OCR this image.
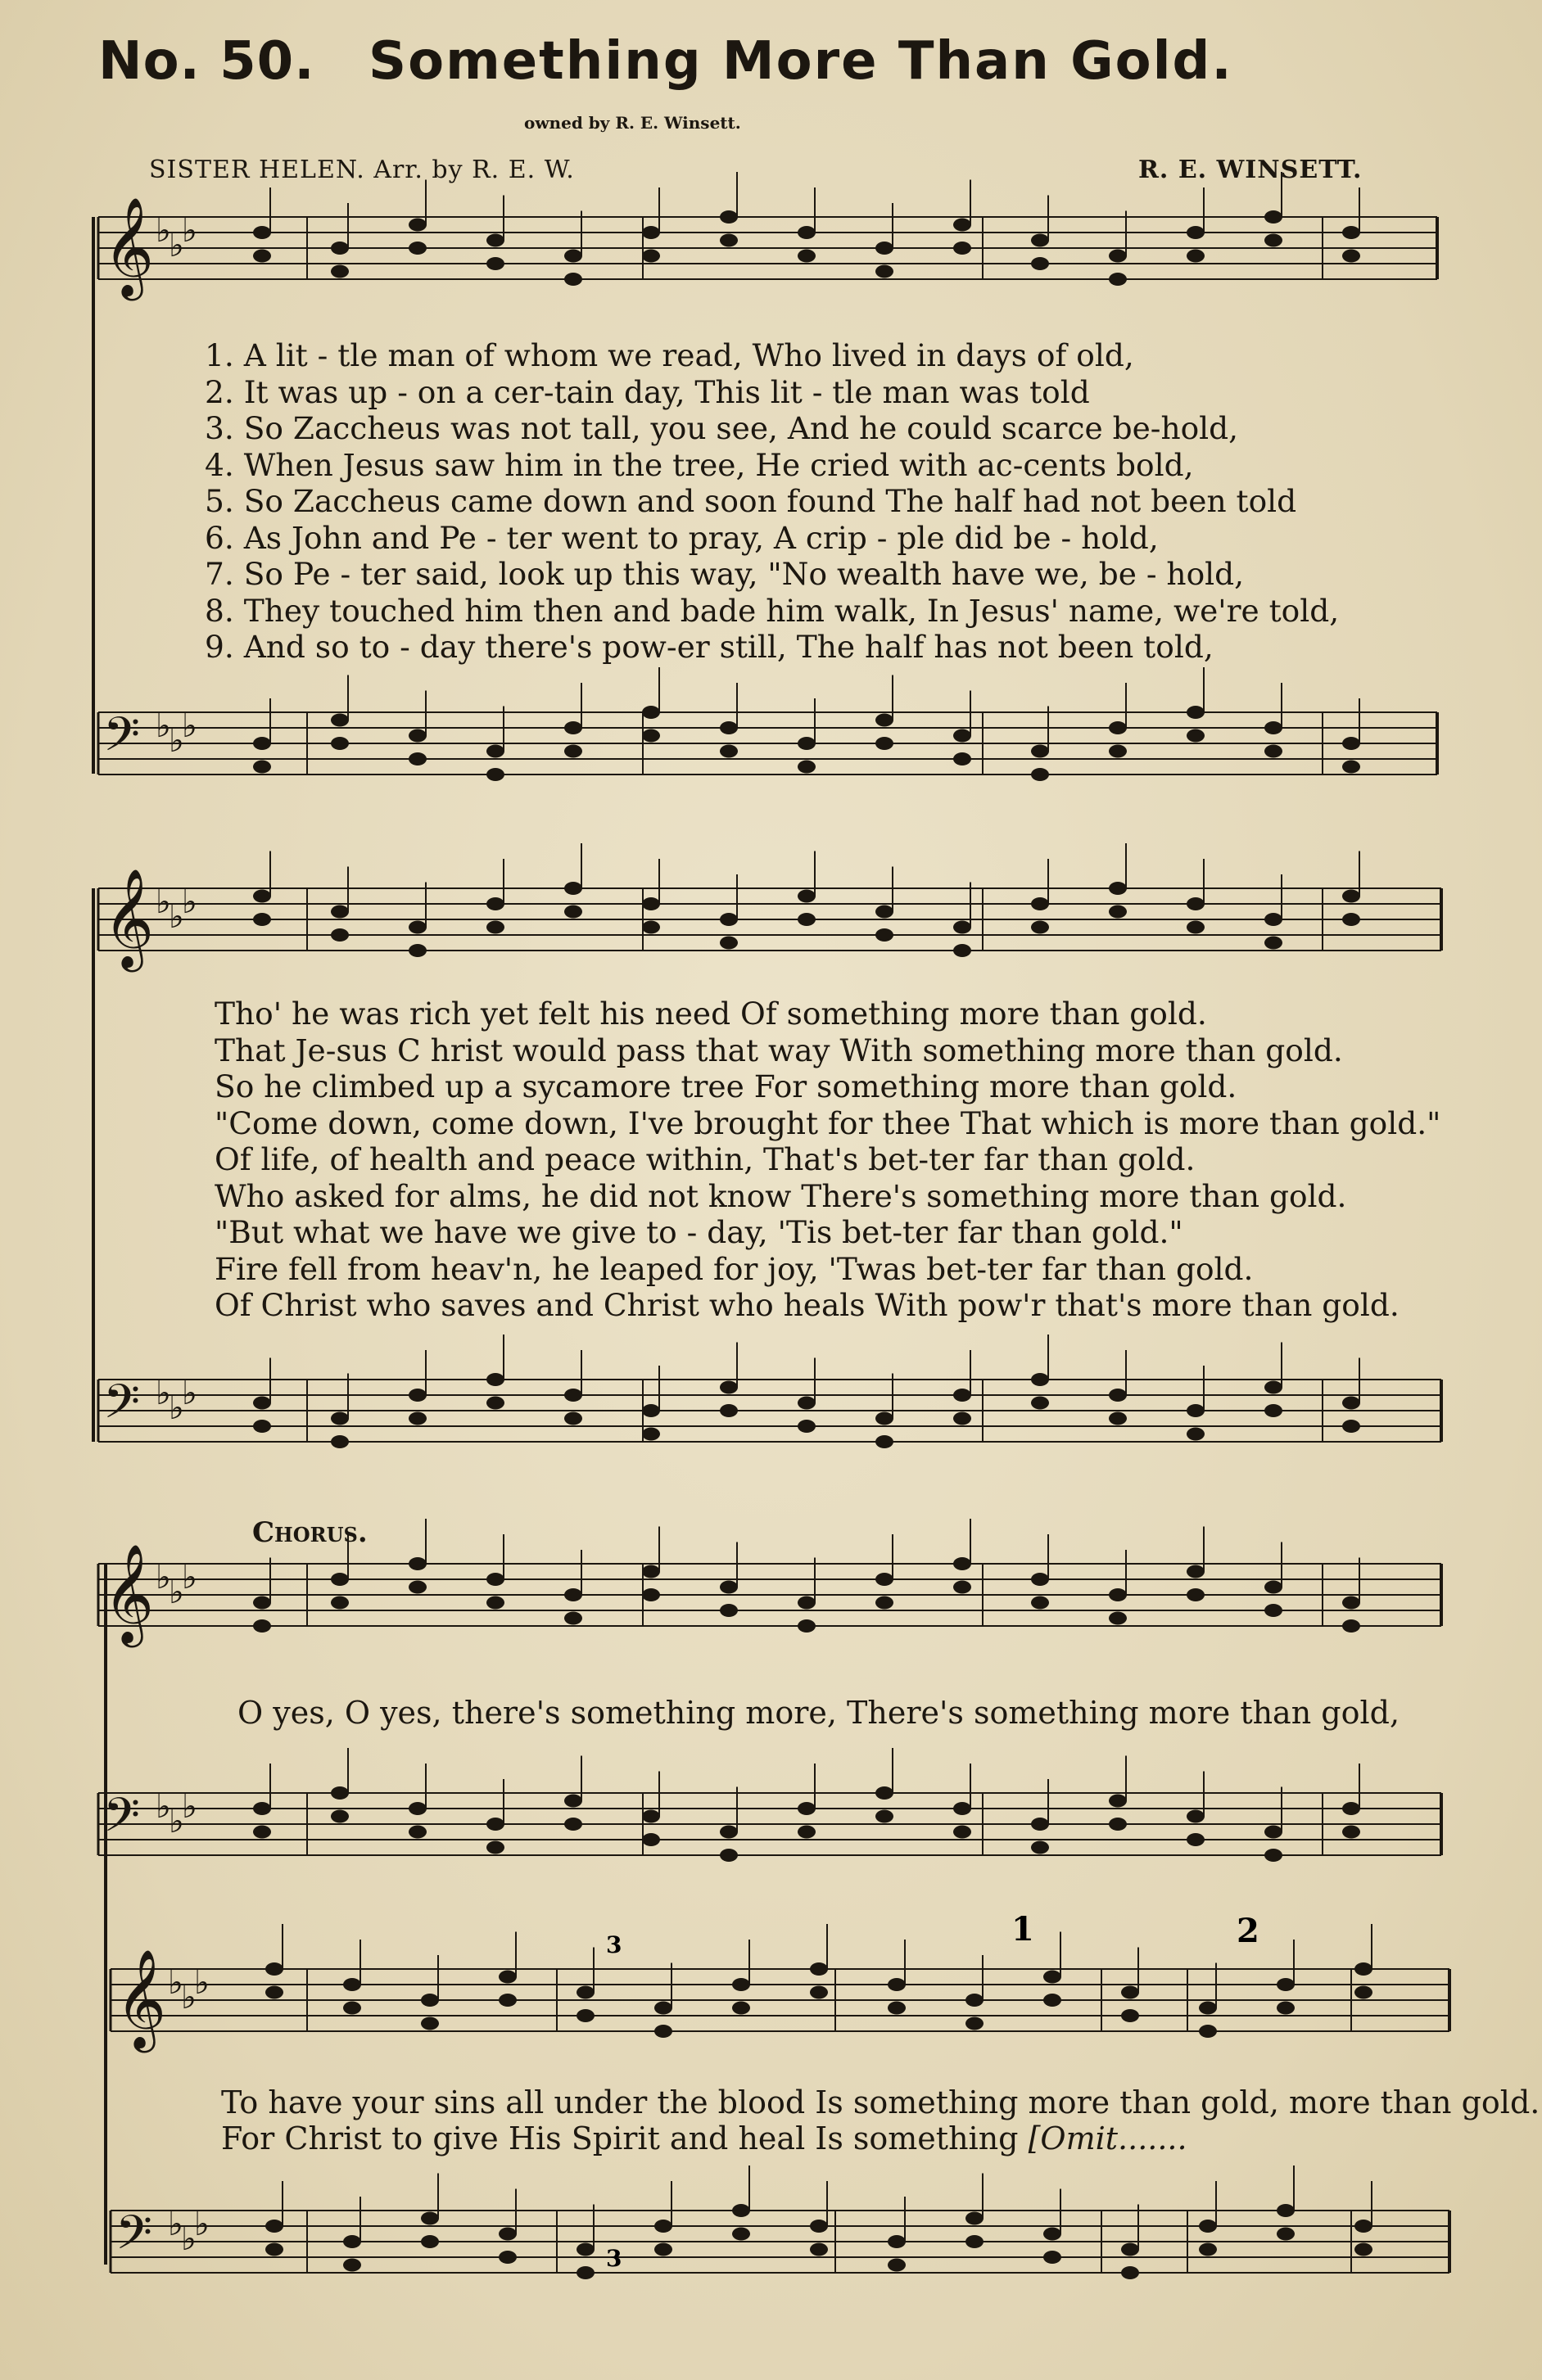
No. 50. Something More Than Gold.
owned by R. E. Winsett.
SISTER HELEN. Arr. by R. E. W.	R. E. WINSETT.
𝄞 ♭
♭
♭
𝄢 ♭
♭
♭
𝄞 ♭
♭
♭
𝄢 ♭
♭
♭
𝄞 ♭
♭
♭
𝄢 ♭
♭
♭
𝄞 ♭
♭
♭
𝄢 ♭
♭
♭
3
3
1	2
1. A lit - tle man of whom we read, Who lived in days of old,
2. It was up - on a cer-tain day, This lit - tle man was told
3. So Zaccheus was not tall, you see, And he could scarce be-hold,
4. When Jesus saw him in the tree, He cried with ac-cents bold,
5. So Zaccheus came down and soon found The half had not been told
6. As John and Pe - ter went to pray, A crip - ple did be - hold,
7. So Pe - ter said, look up this way, "No wealth have we, be - hold,
8. They touched him then and bade him walk, In Jesus' name, we're told,
9. And so to - day there's pow-er still, The half has not been told,
Tho' he was rich yet felt his need Of something more than gold.
That Je-sus C hrist would pass that way With something more than gold.
So he climbed up a sycamore tree For something more than gold.
"Come down, come down, I've brought for thee That which is more than gold."
Of life, of health and peace within, That's bet-ter far than gold.
Who asked for alms, he did not know There's something more than gold.
"But what we have we give to - day, 'Tis bet-ter far than gold."
Fire fell from heav'n, he leaped for joy, 'Twas bet-ter far than gold.
Of Christ who saves and Christ who heals With pow'r that's more than gold.
Chorus.
O yes, O yes, there's something more, There's something more than gold,
To have your sins all under the blood Is something more than gold, more than gold.
For Christ to give His Spirit and heal Is something [Omit.......
